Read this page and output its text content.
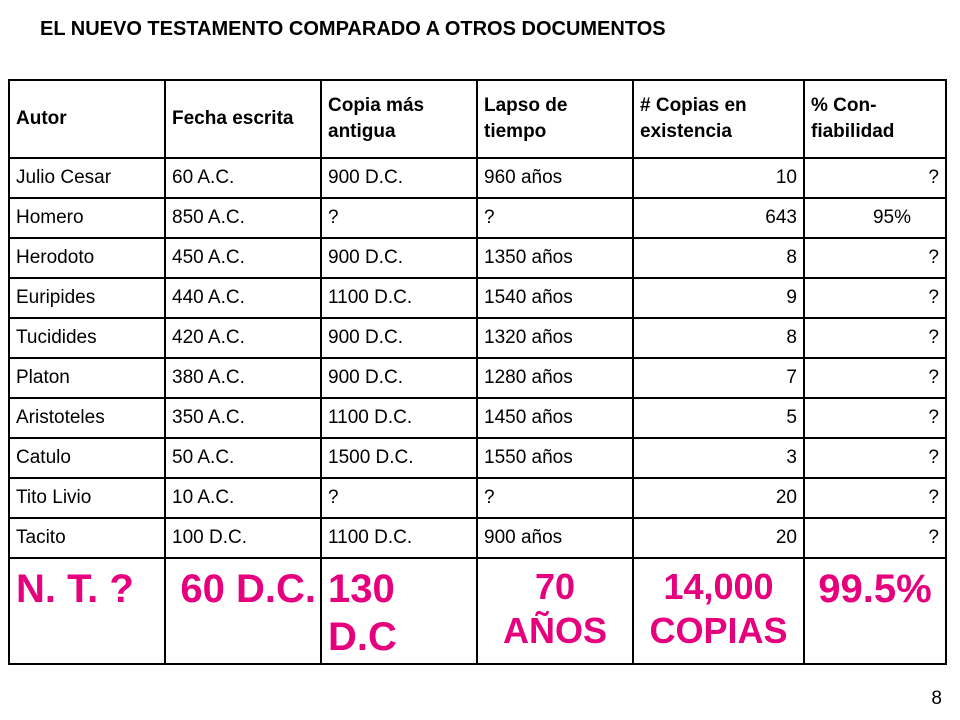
EL NUEVO TESTAMENTO COMPARADO A OTROS DOCUMENTOS
Autor	Fecha escrita	Copia más antigua	Lapso de tiempo	# Copias en existencia	% Con- fiabilidad
Julio Cesar	60 A.C.	900 D.C.	960 años	10	?
Homero	850 A.C.	?	?	643	95%
Herodoto	450 A.C.	900 D.C.	1350 años	8	?
Euripides	440 A.C.	1100 D.C.	1540 años	9	?
Tucidides	420 A.C.	900 D.C.	1320 años	8	?
Platon	380 A.C.	900 D.C.	1280 años	7	?
Aristoteles	350 A.C.	1100 D.C.	1450 años	5	?
Catulo	50 A.C.	1500 D.C.	1550 años	3	?
Tito Livio	10 A.C.	?	?	20	?
Tacito	100 D.C.	1100 D.C.	900 años	20	?
N. T. ?	60 D.C.	130 D.C	70 AÑOS	14,000 COPIAS	99.5%
8
